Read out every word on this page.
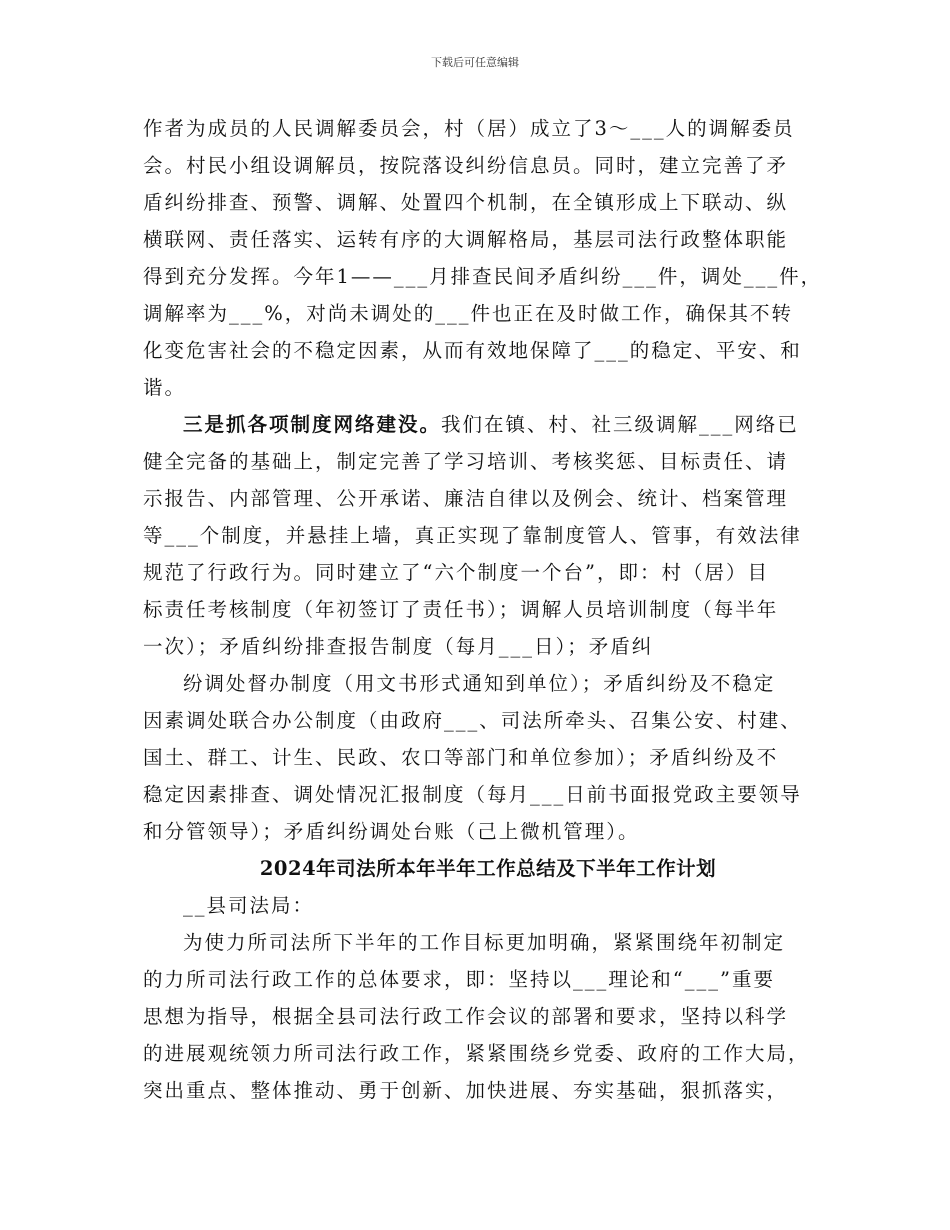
下载后可任意编辑
作者为成员的人民调解委员会，村（居）成立了3～___人的调解委员
会。村民小组设调解员，按院落设纠纷信息员。同时，建立完善了矛
盾纠纷排查、预警、调解、处置四个机制，在全镇形成上下联动、纵
横联网、责任落实、运转有序的大调解格局，基层司法行政整体职能
得到充分发挥。今年1——___月排查民间矛盾纠纷___件，调处___件，
调解率为___%，对尚未调处的___件也正在及时做工作，确保其不转
化变危害社会的不稳定因素，从而有效地保障了___的稳定、平安、和
谐。
三是抓各项制度网络建没。我们在镇、村、社三级调解___网络已
健全完备的基础上，制定完善了学习培训、考核奖惩、目标责任、请
示报告、内部管理、公开承诺、廉洁自律以及例会、统计、档案管理
等___个制度，并悬挂上墙，真正实现了靠制度管人、管事，有效法律
规范了行政行为。同时建立了“六个制度一个台”，即：村（居）目
标责任考核制度（年初签订了责任书）；调解人员培训制度（每半年
一次）；矛盾纠纷排查报告制度（每月___日）；矛盾纠
纷调处督办制度（用文书形式通知到单位）；矛盾纠纷及不稳定
因素调处联合办公制度（由政府___、司法所牵头、召集公安、村建、
国土、群工、计生、民政、农口等部门和单位参加）；矛盾纠纷及不
稳定因素排查、调处情况汇报制度（每月___日前书面报党政主要领导
和分管领导）；矛盾纠纷调处台账（己上微机管理）。
2024年司法所本年半年工作总结及下半年工作计划
__县司法局：
为使力所司法所下半年的工作目标更加明确，紧紧围绕年初制定
的力所司法行政工作的总体要求，即：坚持以___理论和“___”重要
思想为指导，根据全县司法行政工作会议的部署和要求，坚持以科学
的进展观统领力所司法行政工作，紧紧围绕乡党委、政府的工作大局，
突出重点、整体推动、勇于创新、加快进展、夯实基础，狠抓落实，
